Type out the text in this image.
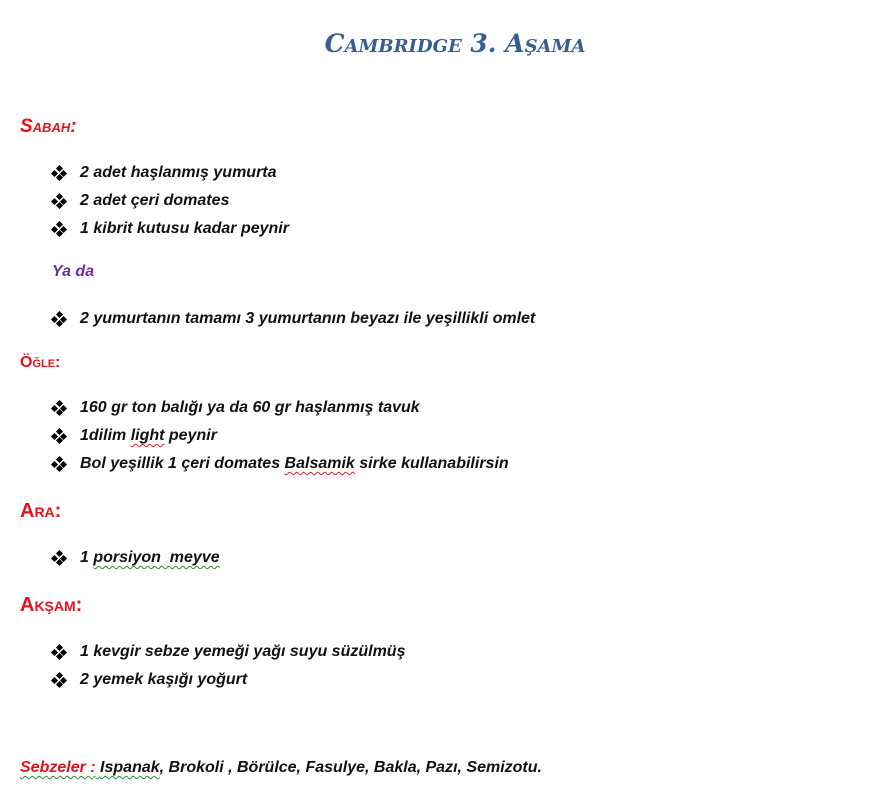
Cambridge 3. Aşama
Sabah:
2 adet haşlanmış yumurta
2 adet çeri domates
1 kibrit kutusu kadar peynir
Ya da
2 yumurtanın tamamı 3 yumurtanın beyazı ile yeşillikli omlet
Öğle:
160 gr ton balığı ya da 60 gr haşlanmış tavuk
1dilim light peynir
Bol yeşillik 1 çeri domates Balsamik sirke kullanabilirsin
Ara:
1 porsiyon  meyve
Akşam:
1 kevgir sebze yemeği yağı suyu süzülmüş
2 yemek kaşığı yoğurt
Sebzeler : Ispanak, Brokoli , Börülce, Fasulye, Bakla, Pazı, Semizotu.
